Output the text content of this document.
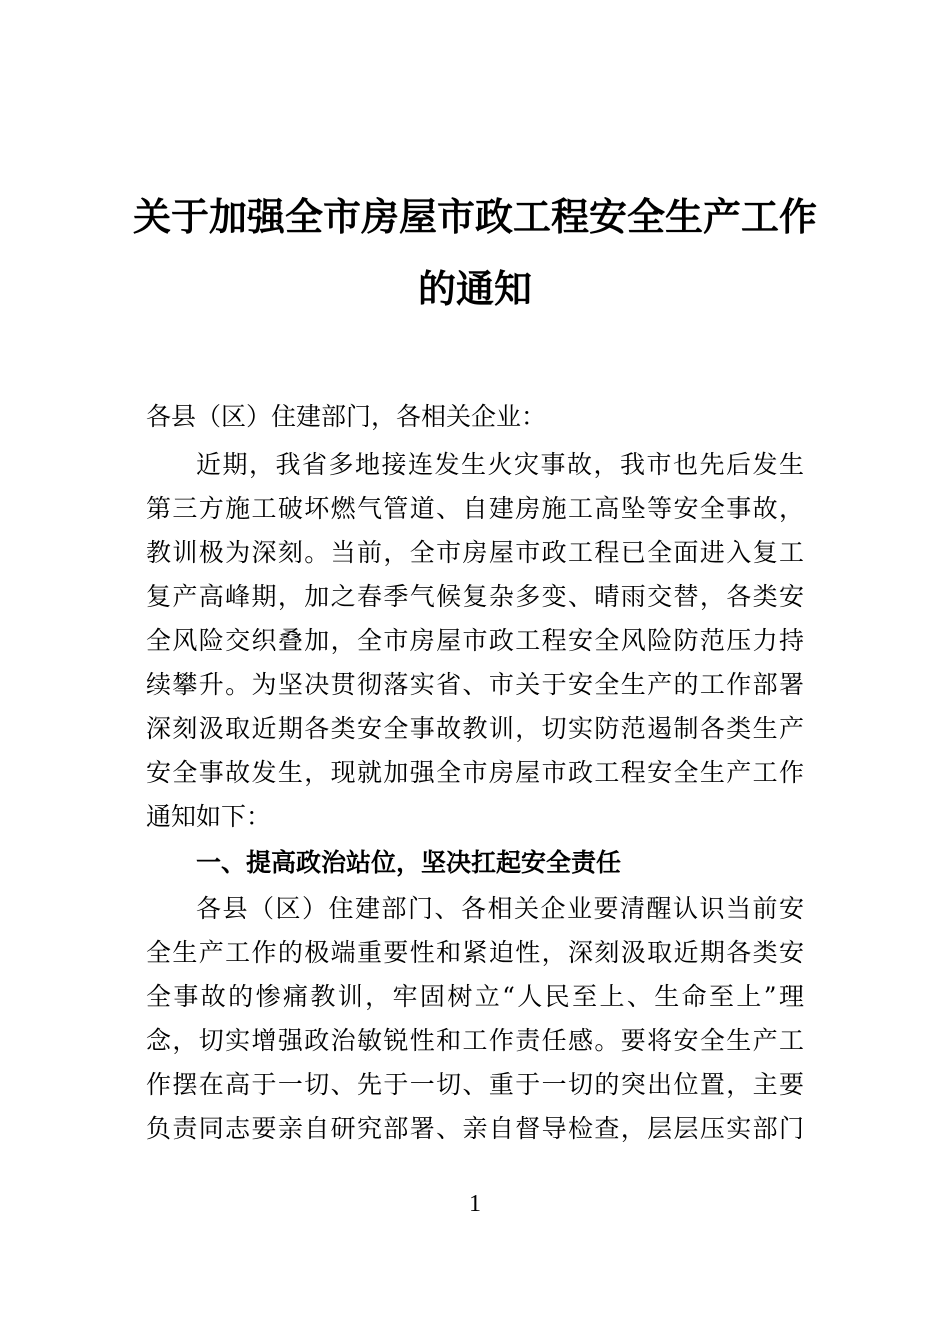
关于加强全市房屋市政工程安全生产工作
的通知
各县（区）住建部门，各相关企业：
近期，我省多地接连发生火灾事故，我市也先后发生
第三方施工破坏燃气管道、自建房施工高坠等安全事故，
教训极为深刻。当前，全市房屋市政工程已全面进入复工
复产高峰期，加之春季气候复杂多变、晴雨交替，各类安
全风险交织叠加，全市房屋市政工程安全风险防范压力持
续攀升。为坚决贯彻落实省、市关于安全生产的工作部署
深刻汲取近期各类安全事故教训，切实防范遏制各类生产
安全事故发生，现就加强全市房屋市政工程安全生产工作
通知如下：
一、提高政治站位，坚决扛起安全责任
各县（区）住建部门、各相关企业要清醒认识当前安
全生产工作的极端重要性和紧迫性，深刻汲取近期各类安
全事故的惨痛教训，牢固树立“人民至上、生命至上”理
念，切实增强政治敏锐性和工作责任感。要将安全生产工
作摆在高于一切、先于一切、重于一切的突出位置，主要
负责同志要亲自研究部署、亲自督导检查，层层压实部门
1
